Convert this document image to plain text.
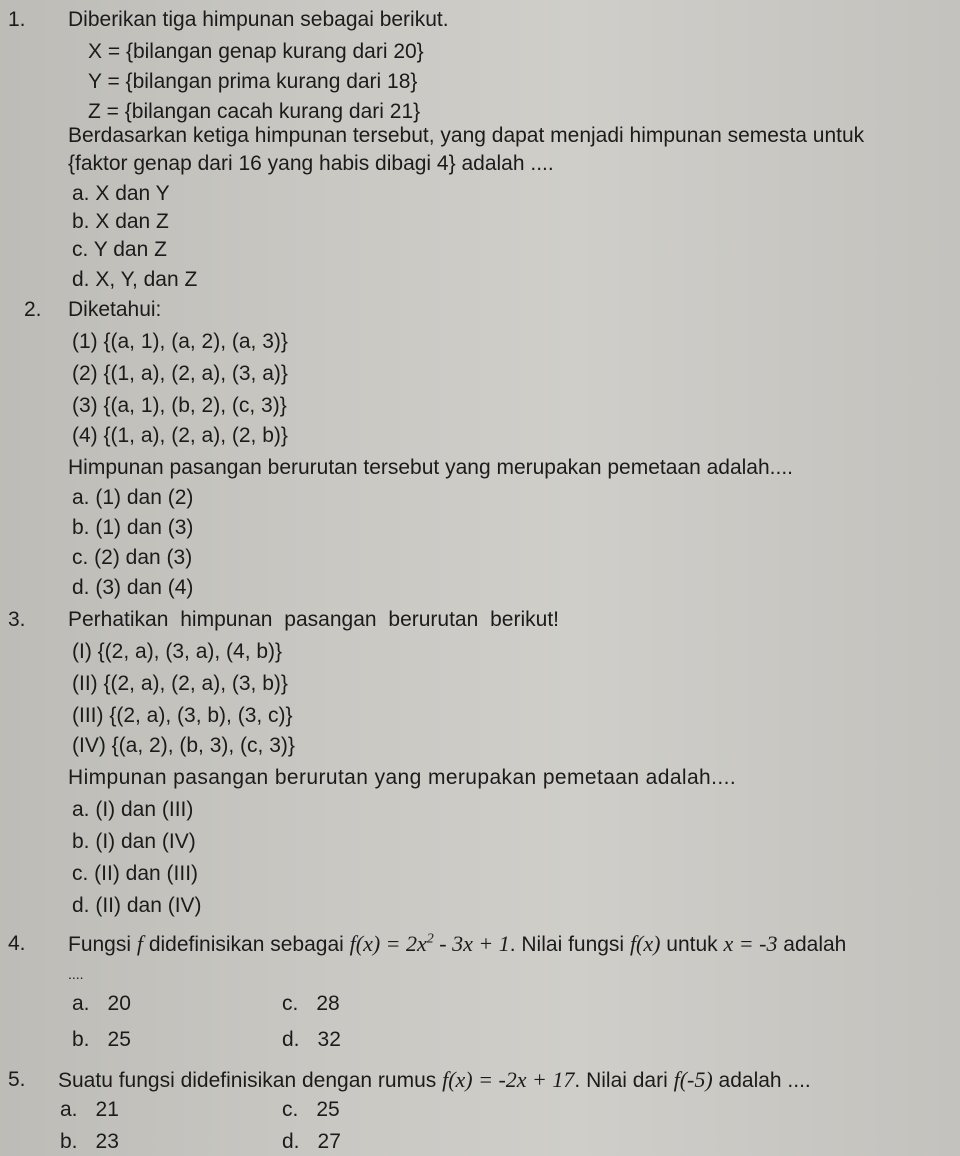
1. Diberikan tiga himpunan sebagai berikut.
X = {bilangan genap kurang dari 20}
Y = {bilangan prima kurang dari 18}
Z = {bilangan cacah kurang dari 21}
Berdasarkan ketiga himpunan tersebut, yang dapat menjadi himpunan semesta untuk
{faktor genap dari 16 yang habis dibagi 4} adalah ....
a. X dan Y
b. X dan Z
c. Y dan Z
d. X, Y, dan Z
2. Diketahui:
(1) {(a, 1), (a, 2), (a, 3)}
(2) {(1, a), (2, a), (3, a)}
(3) {(a, 1), (b, 2), (c, 3)}
(4) {(1, a), (2, a), (2, b)}
Himpunan pasangan berurutan tersebut yang merupakan pemetaan adalah....
a. (1) dan (2)
b. (1) dan (3)
c. (2) dan (3)
d. (3) dan (4)
3. Perhatikan himpunan pasangan berurutan berikut!
(I) {(2, a), (3, a), (4, b)}
(II) {(2, a), (2, a), (3, b)}
(III) {(2, a), (3, b), (3, c)}
(IV) {(a, 2), (b, 3), (c, 3)}
Himpunan pasangan berurutan yang merupakan pemetaan adalah....
a. (I) dan (III)
b. (I) dan (IV)
c. (II) dan (III)
d. (II) dan (IV)
4. Fungsi f didefinisikan sebagai $f(x) = 2x^2 - 3x + 1$. Nilai fungsi f(x) untuk x = -3 adalah
....
a. 20
b. 25
c. 28
d. 32
5. Suatu fungsi didefinisikan dengan rumus f(x) = -2x + 17. Nilai dari f(-5) adalah ....
a. 21
b. 23
c. 25
d. 27
